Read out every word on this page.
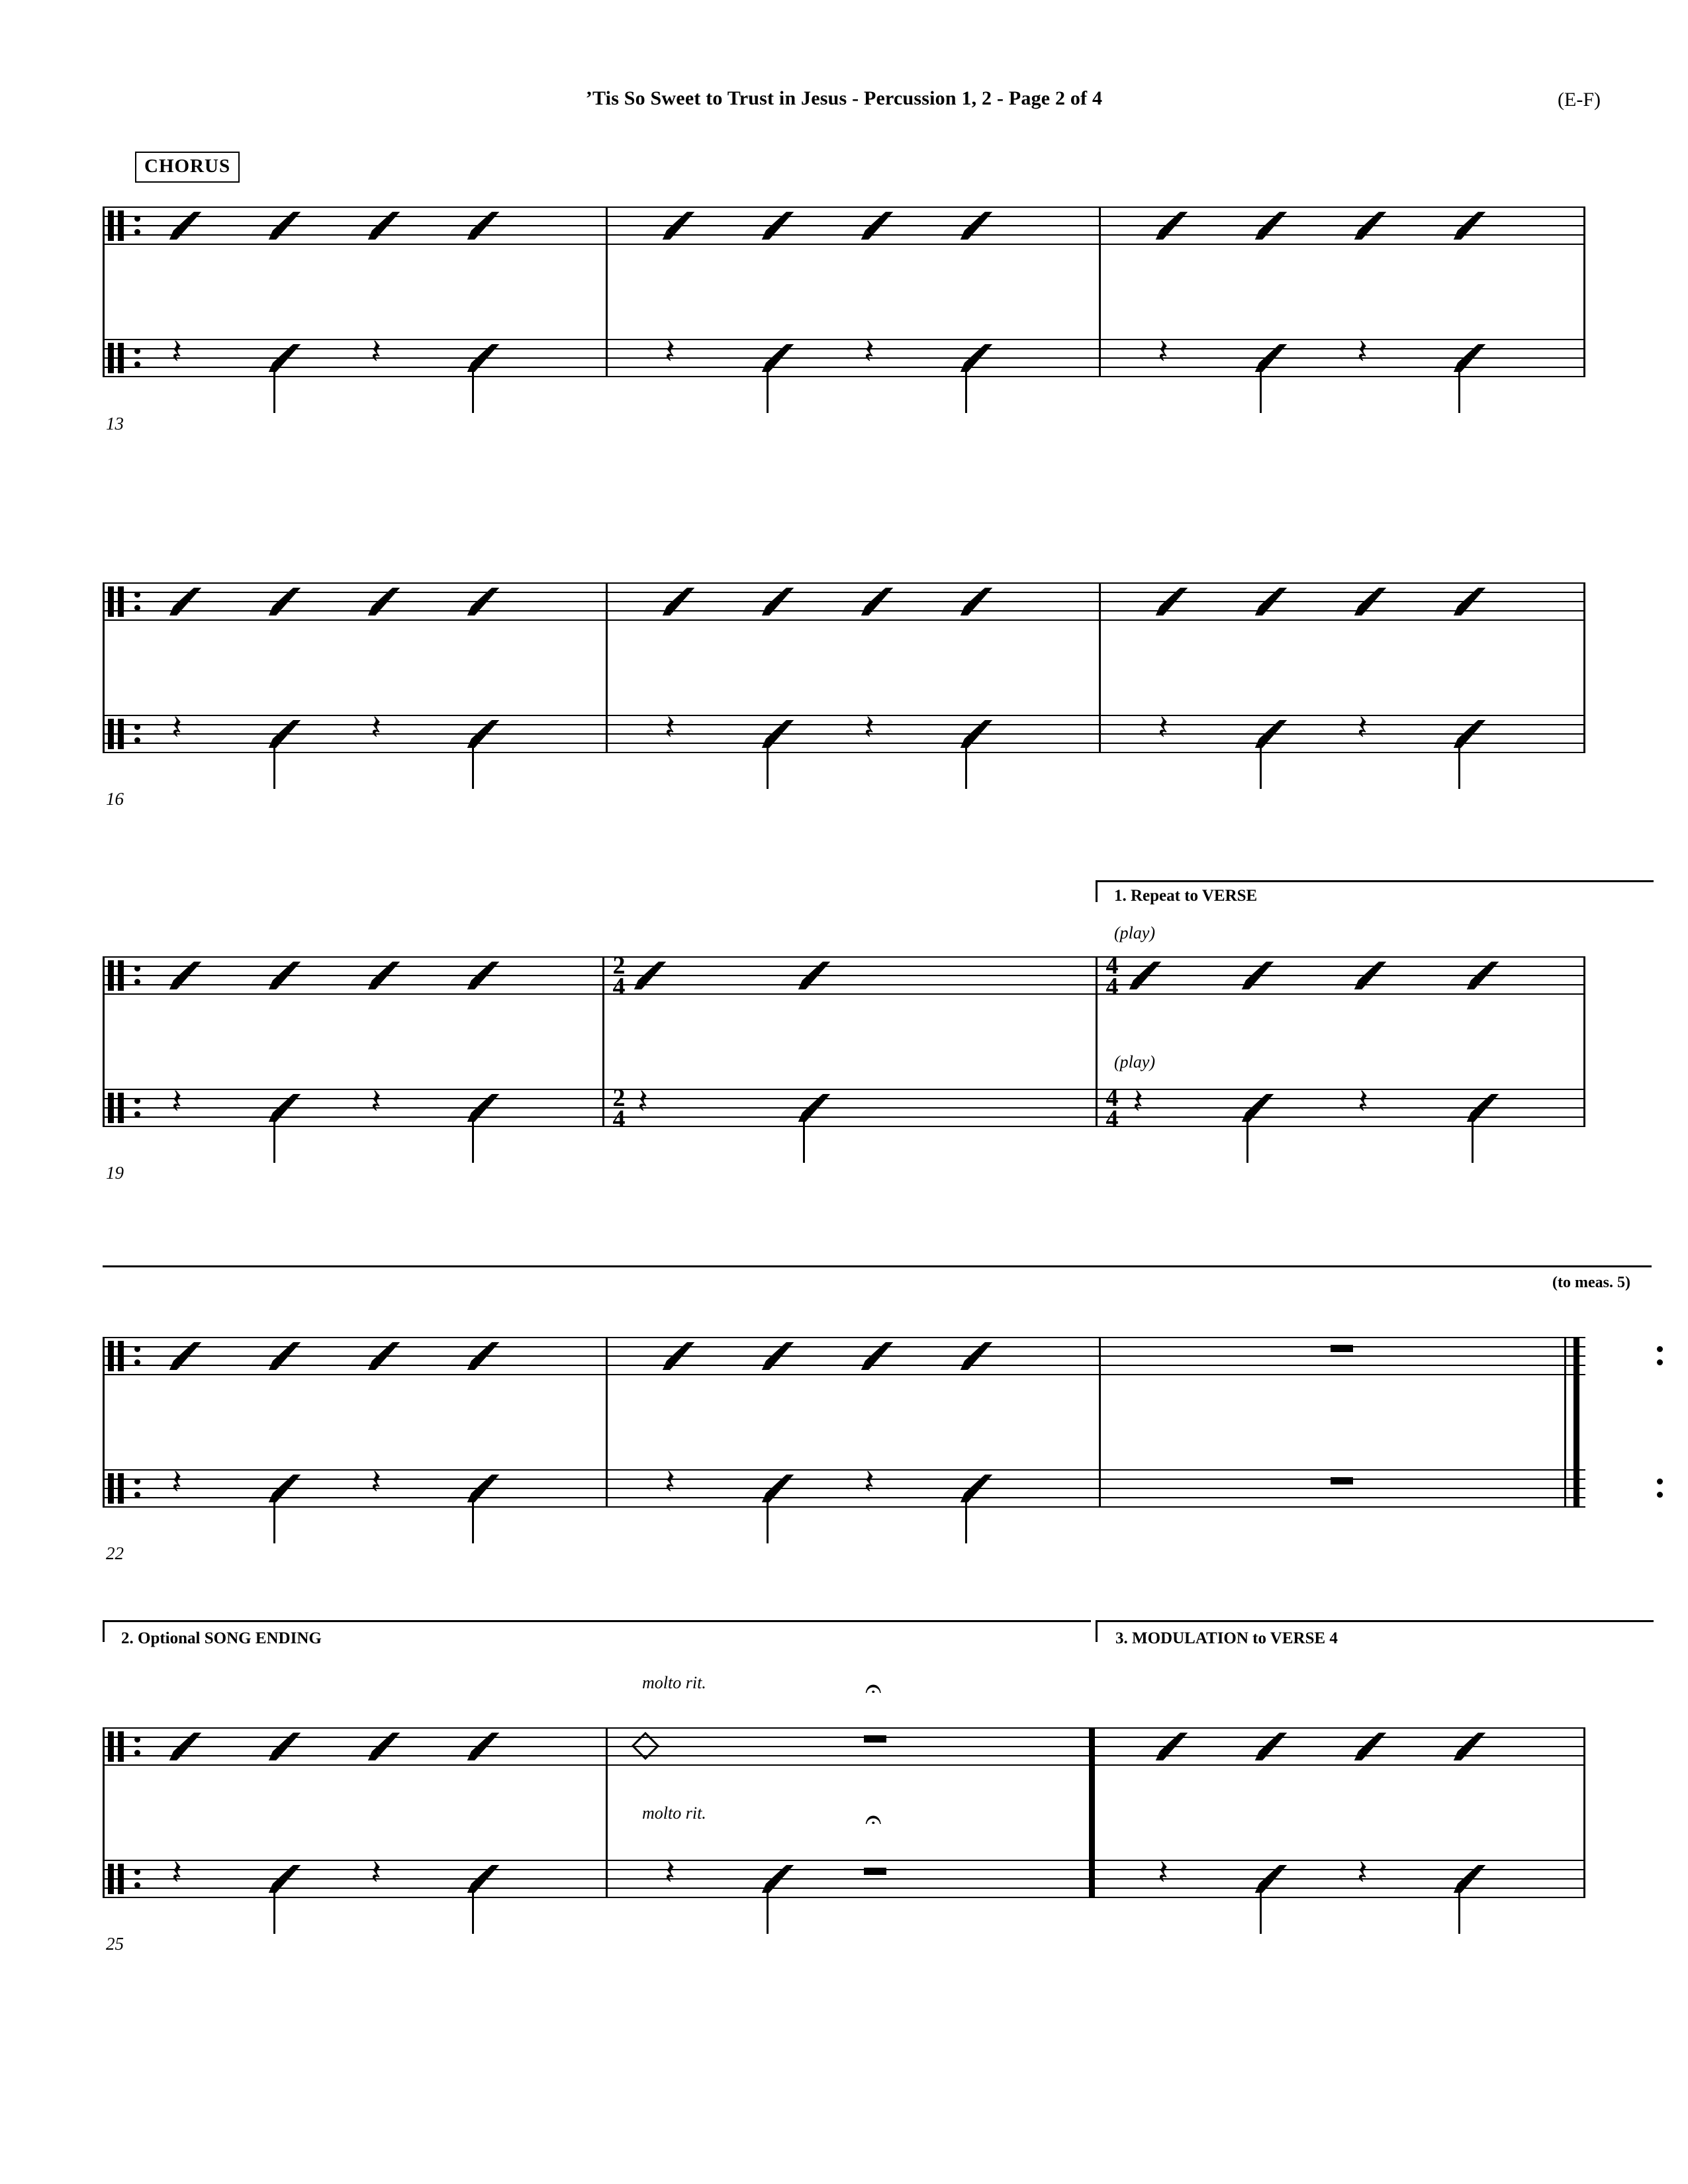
’Tis So Sweet to Trust in Jesus - Percussion 1, 2 - Page 2 of 4	(E-F)
CHORUS
𝄽
𝄽
𝄽
𝄽
𝄽
𝄽
13
𝄽
𝄽
𝄽
𝄽
𝄽
𝄽
16
1. Repeat to VERSE
(play)
2
4
4
4
(play)
𝄽
𝄽
2
4
𝄽
4
4
𝄽
𝄽
19
(to meas. 5)
𝄽
𝄽
𝄽
𝄽
22
2. Optional SONG ENDING	3. MODULATION to VERSE 4
molto rit.
𝄐
molto rit.
𝄐
𝄽
𝄽
𝄽
𝄽
𝄽
25
